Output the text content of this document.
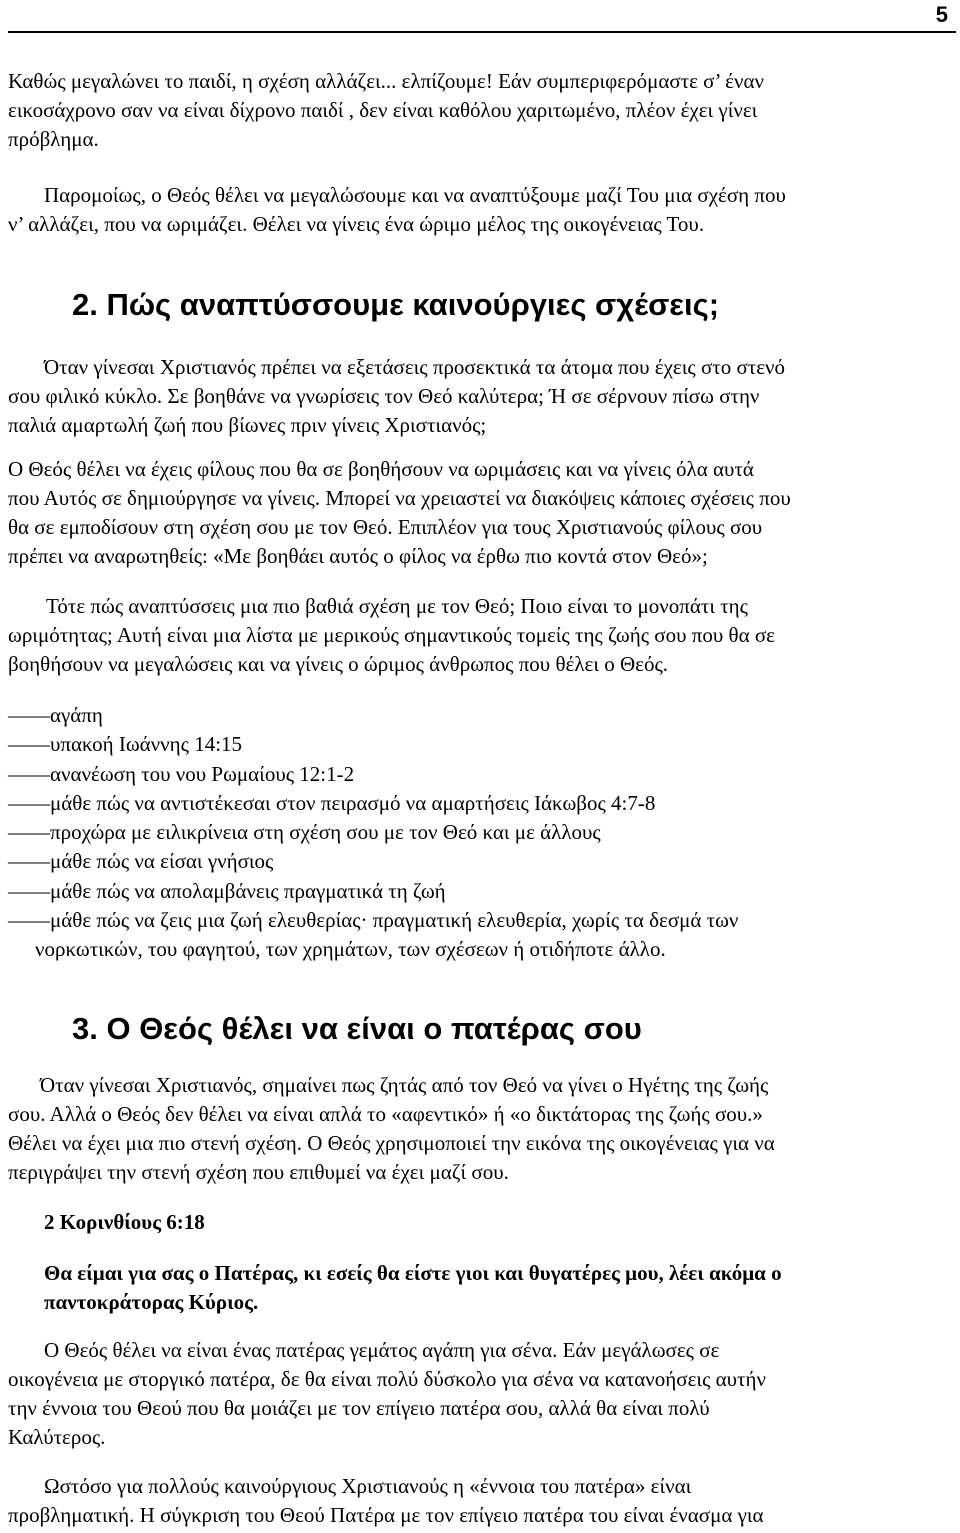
5
Καθώς μεγαλώνει το παιδί, η σχέση αλλάζει... ελπίζουμε! Εάν συμπεριφερόμαστε σ’ έναν
εικοσάχρονο σαν να είναι δίχρονο παιδί , δεν είναι καθόλου χαριτωμένο, πλέον έχει γίνει
πρόβλημα.
Παρομοίως, ο Θεός θέλει να μεγαλώσουμε και να αναπτύξουμε μαζί Του μια σχέση που
ν’ αλλάζει, που να ωριμάζει. Θέλει να γίνεις ένα ώριμο μέλος της οικογένειας Του.
2. Πώς αναπτύσσουμε καινούργιες σχέσεις;
Όταν γίνεσαι Χριστιανός πρέπει να εξετάσεις προσεκτικά τα άτομα που έχεις στο στενό
σου φιλικό κύκλο. Σε βοηθάνε να γνωρίσεις τον Θεό καλύτερα; Ή σε σέρνουν πίσω στην
παλιά αμαρτωλή ζωή που βίωνες πριν γίνεις Χριστιανός;
Ο Θεός θέλει να έχεις φίλους που θα σε βοηθήσουν να ωριμάσεις και να γίνεις όλα αυτά
που Αυτός σε δημιούργησε να γίνεις. Μπορεί να χρειαστεί να διακόψεις κάποιες σχέσεις που
θα σε εμποδίσουν στη σχέση σου με τον Θεό. Επιπλέον για τους Χριστιανούς φίλους σου
πρέπει να αναρωτηθείς: «Με βοηθάει αυτός ο φίλος να έρθω πιο κοντά στον Θεό»;
Τότε πώς αναπτύσσεις μια πιο βαθιά σχέση με τον Θεό; Ποιο είναι το μονοπάτι της
ωριμότητας; Αυτή είναι μια λίστα με μερικούς σημαντικούς τομείς της ζωής σου που θα σε
βοηθήσουν να μεγαλώσεις και να γίνεις ο ώριμος άνθρωπος που θέλει ο Θεός.
——αγάπη
——υπακοή Ιωάννης 14:15
——ανανέωση του νου Ρωμαίους 12:1-2
——μάθε πώς να αντιστέκεσαι στον πειρασμό να αμαρτήσεις Ιάκωβος 4:7-8
——προχώρα με ειλικρίνεια στη σχέση σου με τον Θεό και με άλλους
——μάθε πώς να είσαι γνήσιος
——μάθε πώς να απολαμβάνεις πραγματικά τη ζωή
——μάθε πώς να ζεις μια ζωή ελευθερίας· πραγματική ελευθερία, χωρίς τα δεσμά των
νορκωτικών, του φαγητού, των χρημάτων, των σχέσεων ή οτιδήποτε άλλο.
3. Ο Θεός θέλει να είναι ο πατέρας σου
Όταν γίνεσαι Χριστιανός, σημαίνει πως ζητάς από τον Θεό να γίνει ο Ηγέτης της ζωής
σου. Αλλά ο Θεός δεν θέλει να είναι απλά το «αφεντικό» ή «ο δικτάτορας της ζωής σου.»
Θέλει να έχει μια πιο στενή σχέση. Ο Θεός χρησιμοποιεί την εικόνα της οικογένειας για να
περιγράψει την στενή σχέση που επιθυμεί να έχει μαζί σου.
2 Κορινθίους 6:18
Θα είμαι για σας ο Πατέρας, κι εσείς θα είστε γιοι και θυγατέρες μου, λέει ακόμα ο
παντοκράτορας Κύριος.
Ο Θεός θέλει να είναι ένας πατέρας γεμάτος αγάπη για σένα. Εάν μεγάλωσες σε
οικογένεια με στοργικό πατέρα, δε θα είναι πολύ δύσκολο για σένα να κατανοήσεις αυτήν
την έννοια του Θεού που θα μοιάζει με τον επίγειο πατέρα σου, αλλά θα είναι πολύ
Καλύτερος.
Ωστόσο για πολλούς καινούργιους Χριστιανούς η «έννοια του πατέρα» είναι
προβληματική. Η σύγκριση του Θεού Πατέρα με τον επίγειο πατέρα του είναι ένασμα για
